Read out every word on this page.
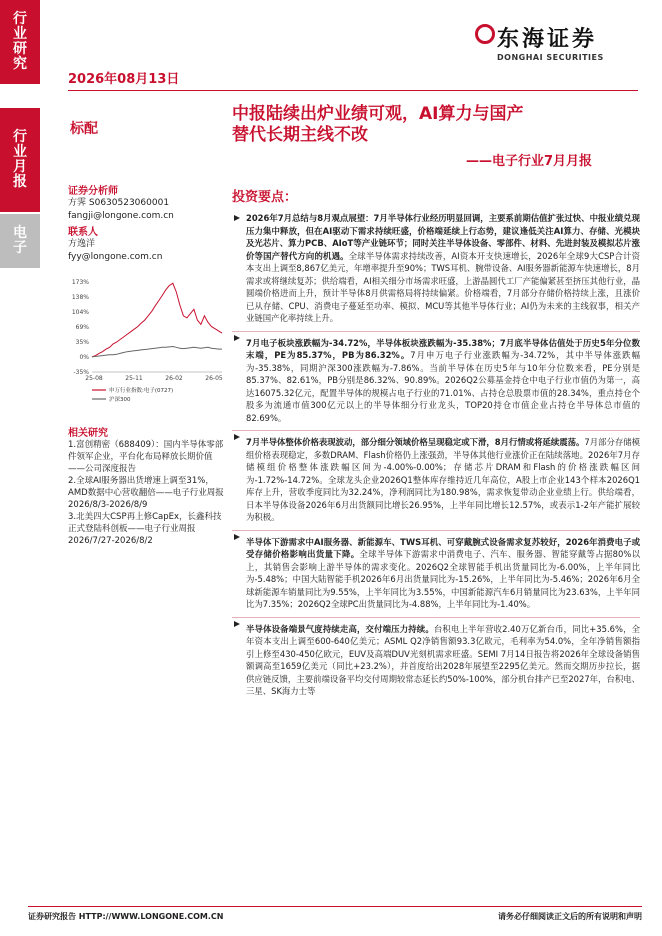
行
业
研
究
行
业
月
报
电
子
2026年08月13日
东海证券
DONGHAI SECURITIES
标配
中报陆续出炉业绩可观，AI算力与国产
替代长期主线不改
——电子行业7月月报
证券分析师
方霁 S0630523060001
fangji@longone.com.cn
联系人
方逸洋
fyy@longone.com.cn
173%
138%
104%
69%
35%
0%
-35%
25-08	25-11	26-02	26-05
申万行业指数:电子(0727)
沪深300
相关研究
1.富创精密（688409）：国内半导体零部件领军企业，平台化布局释放长期价值——公司深度报告
2.全球AI服务器出货增速上调至31%，AMD数据中心营收翻倍——电子行业周报2026/8/3-2026/8/9
3.北美四大CSP再上修CapEx，长鑫科技正式登陆科创板——电子行业周报2026/7/27-2026/8/2
投资要点：
2026年7月总结与8月观点展望：7月半导体行业经历明显回调，主要系前期估值扩张过快、中报业绩兑现压力集中释放，但在AI驱动下需求持续旺盛，价格端延续上行态势，建议逢低关注AI算力、存储、光模块及光芯片、算力PCB、AIoT等产业链环节；同时关注半导体设备、零部件、材料、先进封装及模拟芯片涨价等国产替代方向的机遇。全球半导体需求持续改善，AI资本开支快速增长，2026年全球9大CSP合计资本支出上调至8,867亿美元，年增率提升至90%；TWS耳机、腕带设备、AI服务器新能源车快速增长，8月需求或将继续复苏；供给端看，AI相关细分市场需求旺盛，上游晶圆代工厂产能偏紧甚至挤压其他行业，晶圆端价格进而上升，预计半导体8月供需格局将持续偏紧。价格端看，7月部分存储价格持续上涨，且涨价已从存储、CPU、消费电子蔓延至功率、模拟、MCU等其他半导体行业；AI仍为未来的主线叙事，相关产业链国产化率持续上升。
7月电子板块涨跌幅为-34.72%，半导体板块涨跌幅为-35.38%；7月底半导体估值处于历史5年分位数末端，PE为85.37%，PB为86.32%。7月申万电子行业涨跌幅为-34.72%，其中半导体涨跌幅为-35.38%，同期沪深300涨跌幅为-7.86%。当前半导体在历史5年与10年分位数来看，PE分别是85.37%、82.61%，PB分别是86.32%、90.89%。2026Q2公募基金持仓中电子行业市值仍为第一，高达16075.32亿元，配置半导体的规模占电子行业的71.01%、占持仓总股票市值的28.34%，重点持仓个股多为流通市值300亿元以上的半导体细分行业龙头，TOP20持仓市值企业占持仓半导体总市值的82.69%。
7月半导体整体价格表现波动，部分细分领域价格呈现稳定或下滑，8月行情或将延续震荡。7月部分存储模组价格表现稳定，多数DRAM、Flash价格仍上涨强劲，半导体其他行业涨价正在陆续落地。2026年7月存储模组价格整体涨跌幅区间为-4.00%-0.00%；存储芯片DRAM和Flash的价格涨跌幅区间为-1.72%-14.72%。全球龙头企业2026Q1整体库存维持近几年高位，A股上市企业143个样本2026Q1库存上升，营收季度同比为32.24%，净利润同比为180.98%，需求恢复带动企业业绩上行。供给端看，日本半导体设备2026年6月出货额同比增长26.95%，上半年同比增长12.57%，或表示1-2年产能扩展较为积极。
半导体下游需求中AI服务器、新能源车、TWS耳机、可穿戴腕式设备需求复苏较好，2026年消费电子或受存储价格影响出货量下降。全球半导体下游需求中消费电子、汽车、服务器、智能穿戴等占据80%以上，其销售会影响上游半导体的需求变化。2026Q2全球智能手机出货量同比为-6.00%，上半年同比为-5.48%；中国大陆智能手机2026年6月出货量同比为-15.26%，上半年同比为-5.46%；2026年6月全球新能源车销量同比为9.55%，上半年同比为3.55%，中国新能源汽车6月销量同比为23.63%，上半年同比为7.35%；2026Q2全球PC出货量同比为-4.88%，上半年同比为-1.40%。
半导体设备端景气度持续走高，交付端压力持续。台积电上半年营收2.40万亿新台币，同比+35.6%，全年资本支出上调至600-640亿美元；ASML Q2净销售额93.3亿欧元，毛利率为54.0%，全年净销售额指引上修至430-450亿欧元，EUV及高端DUV光刻机需求旺盛。SEMI 7月14日报告将2026年全球设备销售额调高至1659亿美元（同比+23.2%），并首度给出2028年展望至2295亿美元。然而交期历步拉长，据供应链反馈，主要前端设备平均交付周期较常态延长约50%-100%，部分机台排产已至2027年，台积电、三星、SK海力士等
证券研究报告 HTTP://WWW.LONGONE.COM.CN	请务必仔细阅读正文后的所有说明和声明
